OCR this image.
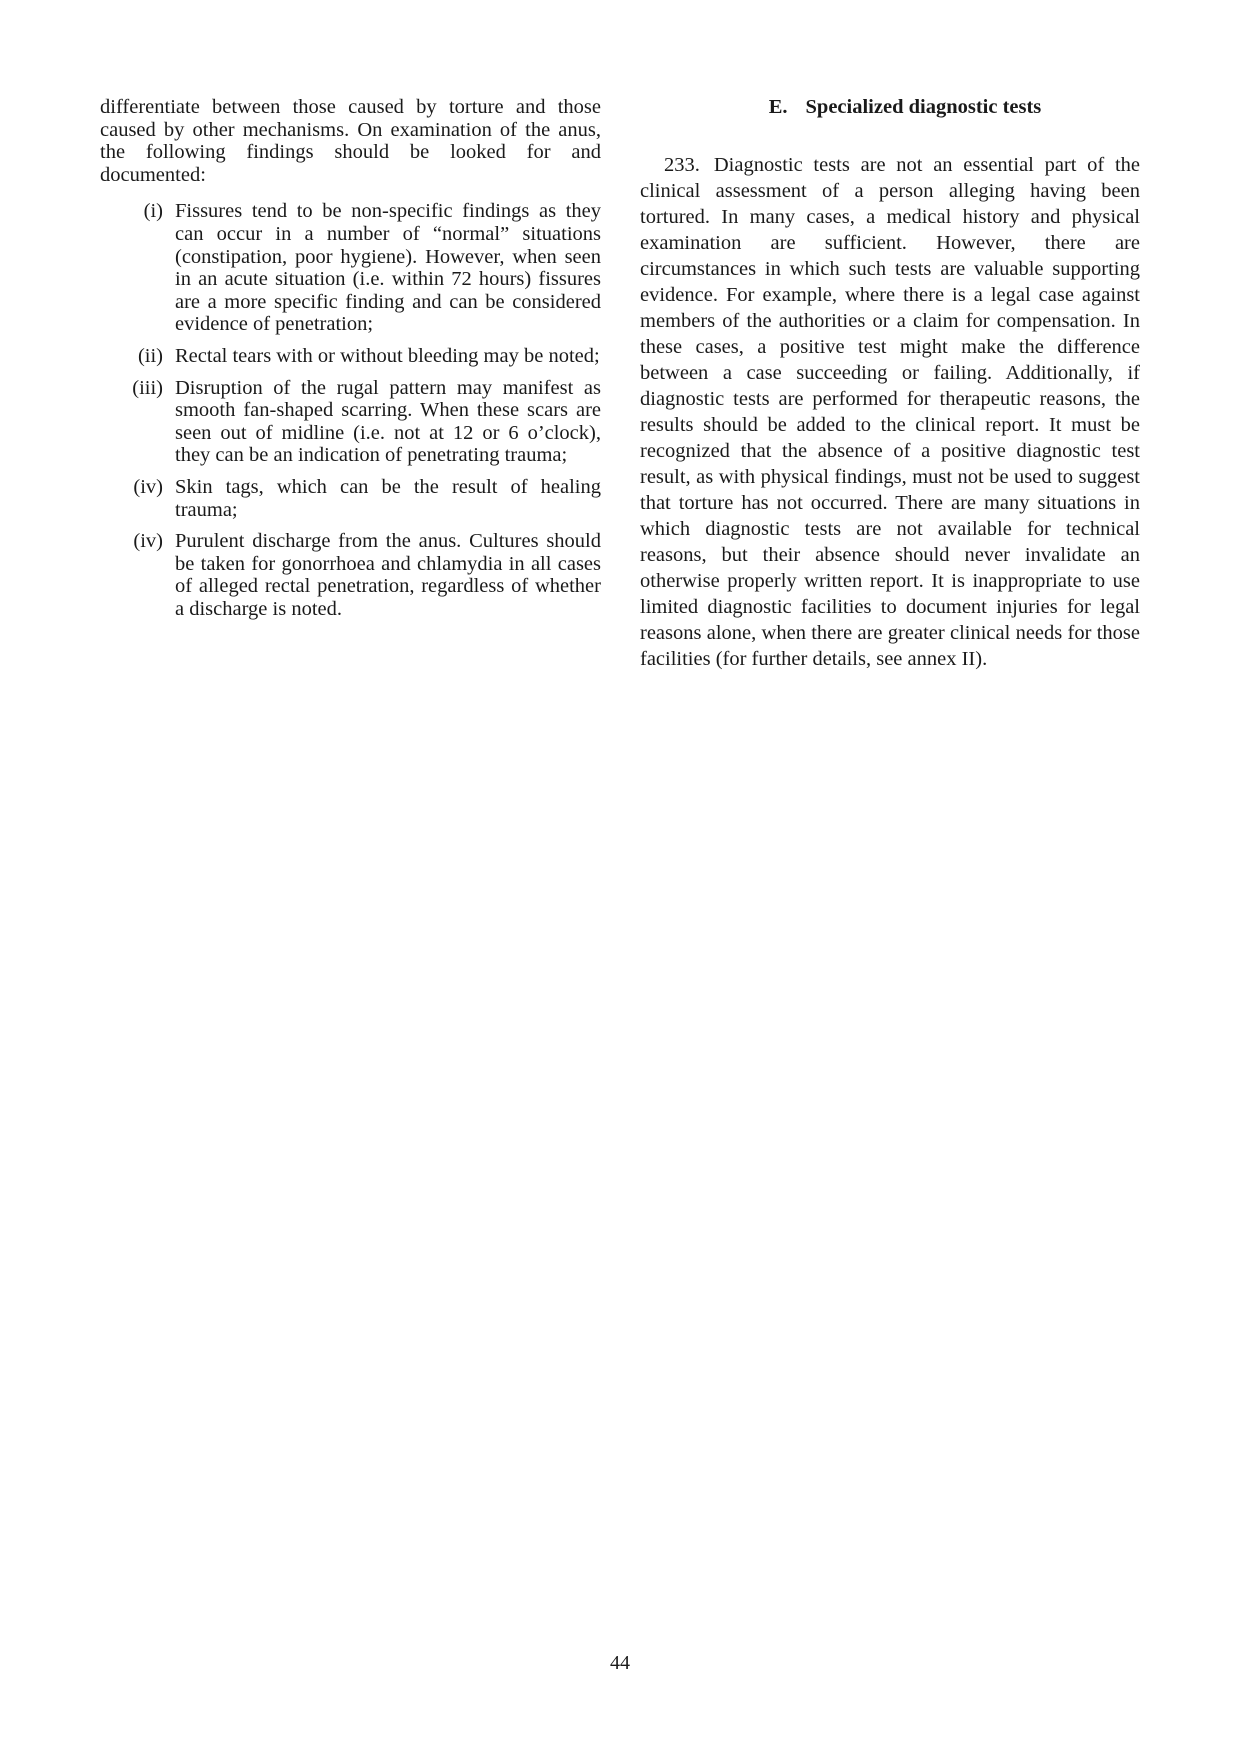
differentiate between those caused by torture and those caused by other mechanisms. On examination of the anus, the following findings should be looked for and documented:

(i) Fissures tend to be non-specific findings as they can occur in a number of “normal” situations (constipation, poor hygiene). However, when seen in an acute situation (i.e. within 72 hours) fissures are a more specific finding and can be considered evidence of penetration;
(ii) Rectal tears with or without bleeding may be noted;
(iii) Disruption of the rugal pattern may manifest as smooth fan-shaped scarring. When these scars are seen out of midline (i.e. not at 12 or 6 o’clock), they can be an indication of penetrating trauma;
(iv) Skin tags, which can be the result of healing trauma;
(iv) Purulent discharge from the anus. Cultures should be taken for gonorrhoea and chlamydia in all cases of alleged rectal penetration, regardless of whether a discharge is noted.
E. Specialized diagnostic tests

233. Diagnostic tests are not an essential part of the clinical assessment of a person alleging having been tortured. In many cases, a medical history and physical examination are sufficient. However, there are circumstances in which such tests are valuable supporting evidence. For example, where there is a legal case against members of the authorities or a claim for compensation. In these cases, a positive test might make the difference between a case succeeding or failing. Additionally, if diagnostic tests are performed for therapeutic reasons, the results should be added to the clinical report. It must be recognized that the absence of a positive diagnostic test result, as with physical findings, must not be used to suggest that torture has not occurred. There are many situations in which diagnostic tests are not available for technical reasons, but their absence should never invalidate an otherwise properly written report. It is inappropriate to use limited diagnostic facilities to document injuries for legal reasons alone, when there are greater clinical needs for those facilities (for further details, see annex II).

44
